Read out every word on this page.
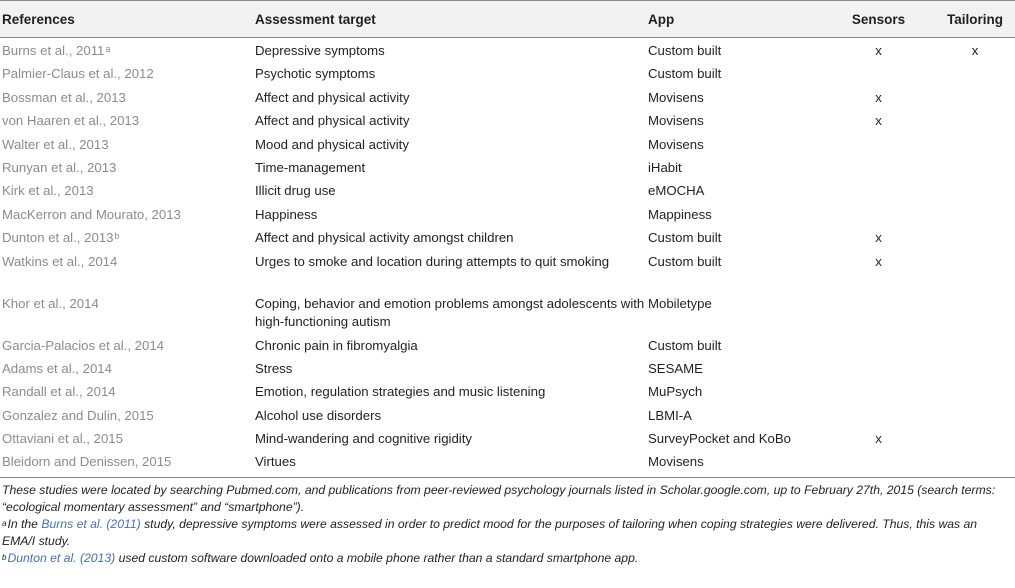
References	Assessment target	App	Sensors	Tailoring
Burns et al., 2011$^a$	Depressive symptoms	Custom built	x	x
Palmier-Claus et al., 2012	Psychotic symptoms	Custom built		
Bossman et al., 2013	Affect and physical activity	Movisens	x	
von Haaren et al., 2013	Affect and physical activity	Movisens	x	
Walter et al., 2013	Mood and physical activity	Movisens		
Runyan et al., 2013	Time-management	iHabit		
Kirk et al., 2013	Illicit drug use	eMOCHA		
MacKerron and Mourato, 2013	Happiness	Mappiness		
Dunton et al., 2013$^b$	Affect and physical activity amongst children	Custom built	x	
Watkins et al., 2014	Urges to smoke and location during attempts to quit smoking	Custom built	x	
Khor et al., 2014	Coping, behavior and emotion problems amongst adolescents with high-functioning autism	Mobiletype		
Garcia-Palacios et al., 2014	Chronic pain in fibromyalgia	Custom built		
Adams et al., 2014	Stress	SESAME		
Randall et al., 2014	Emotion, regulation strategies and music listening	MuPsych		
Gonzalez and Dulin, 2015	Alcohol use disorders	LBMI-A		
Ottaviani et al., 2015	Mind-wandering and cognitive rigidity	SurveyPocket and KoBo	x	
Bleidorn and Denissen, 2015	Virtues	Movisens		

These studies were located by searching Pubmed.com, and publications from peer-reviewed psychology journals listed in Scholar.google.com, up to February 27th, 2015 (search terms: “ecological momentary assessment” and “smartphone”).

$^a$In the Burns et al. (2011) study, depressive symptoms were assessed in order to predict mood for the purposes of tailoring when coping strategies were delivered. Thus, this was an EMA/I study.

$^b$Dunton et al. (2013) used custom software downloaded onto a mobile phone rather than a standard smartphone app.
